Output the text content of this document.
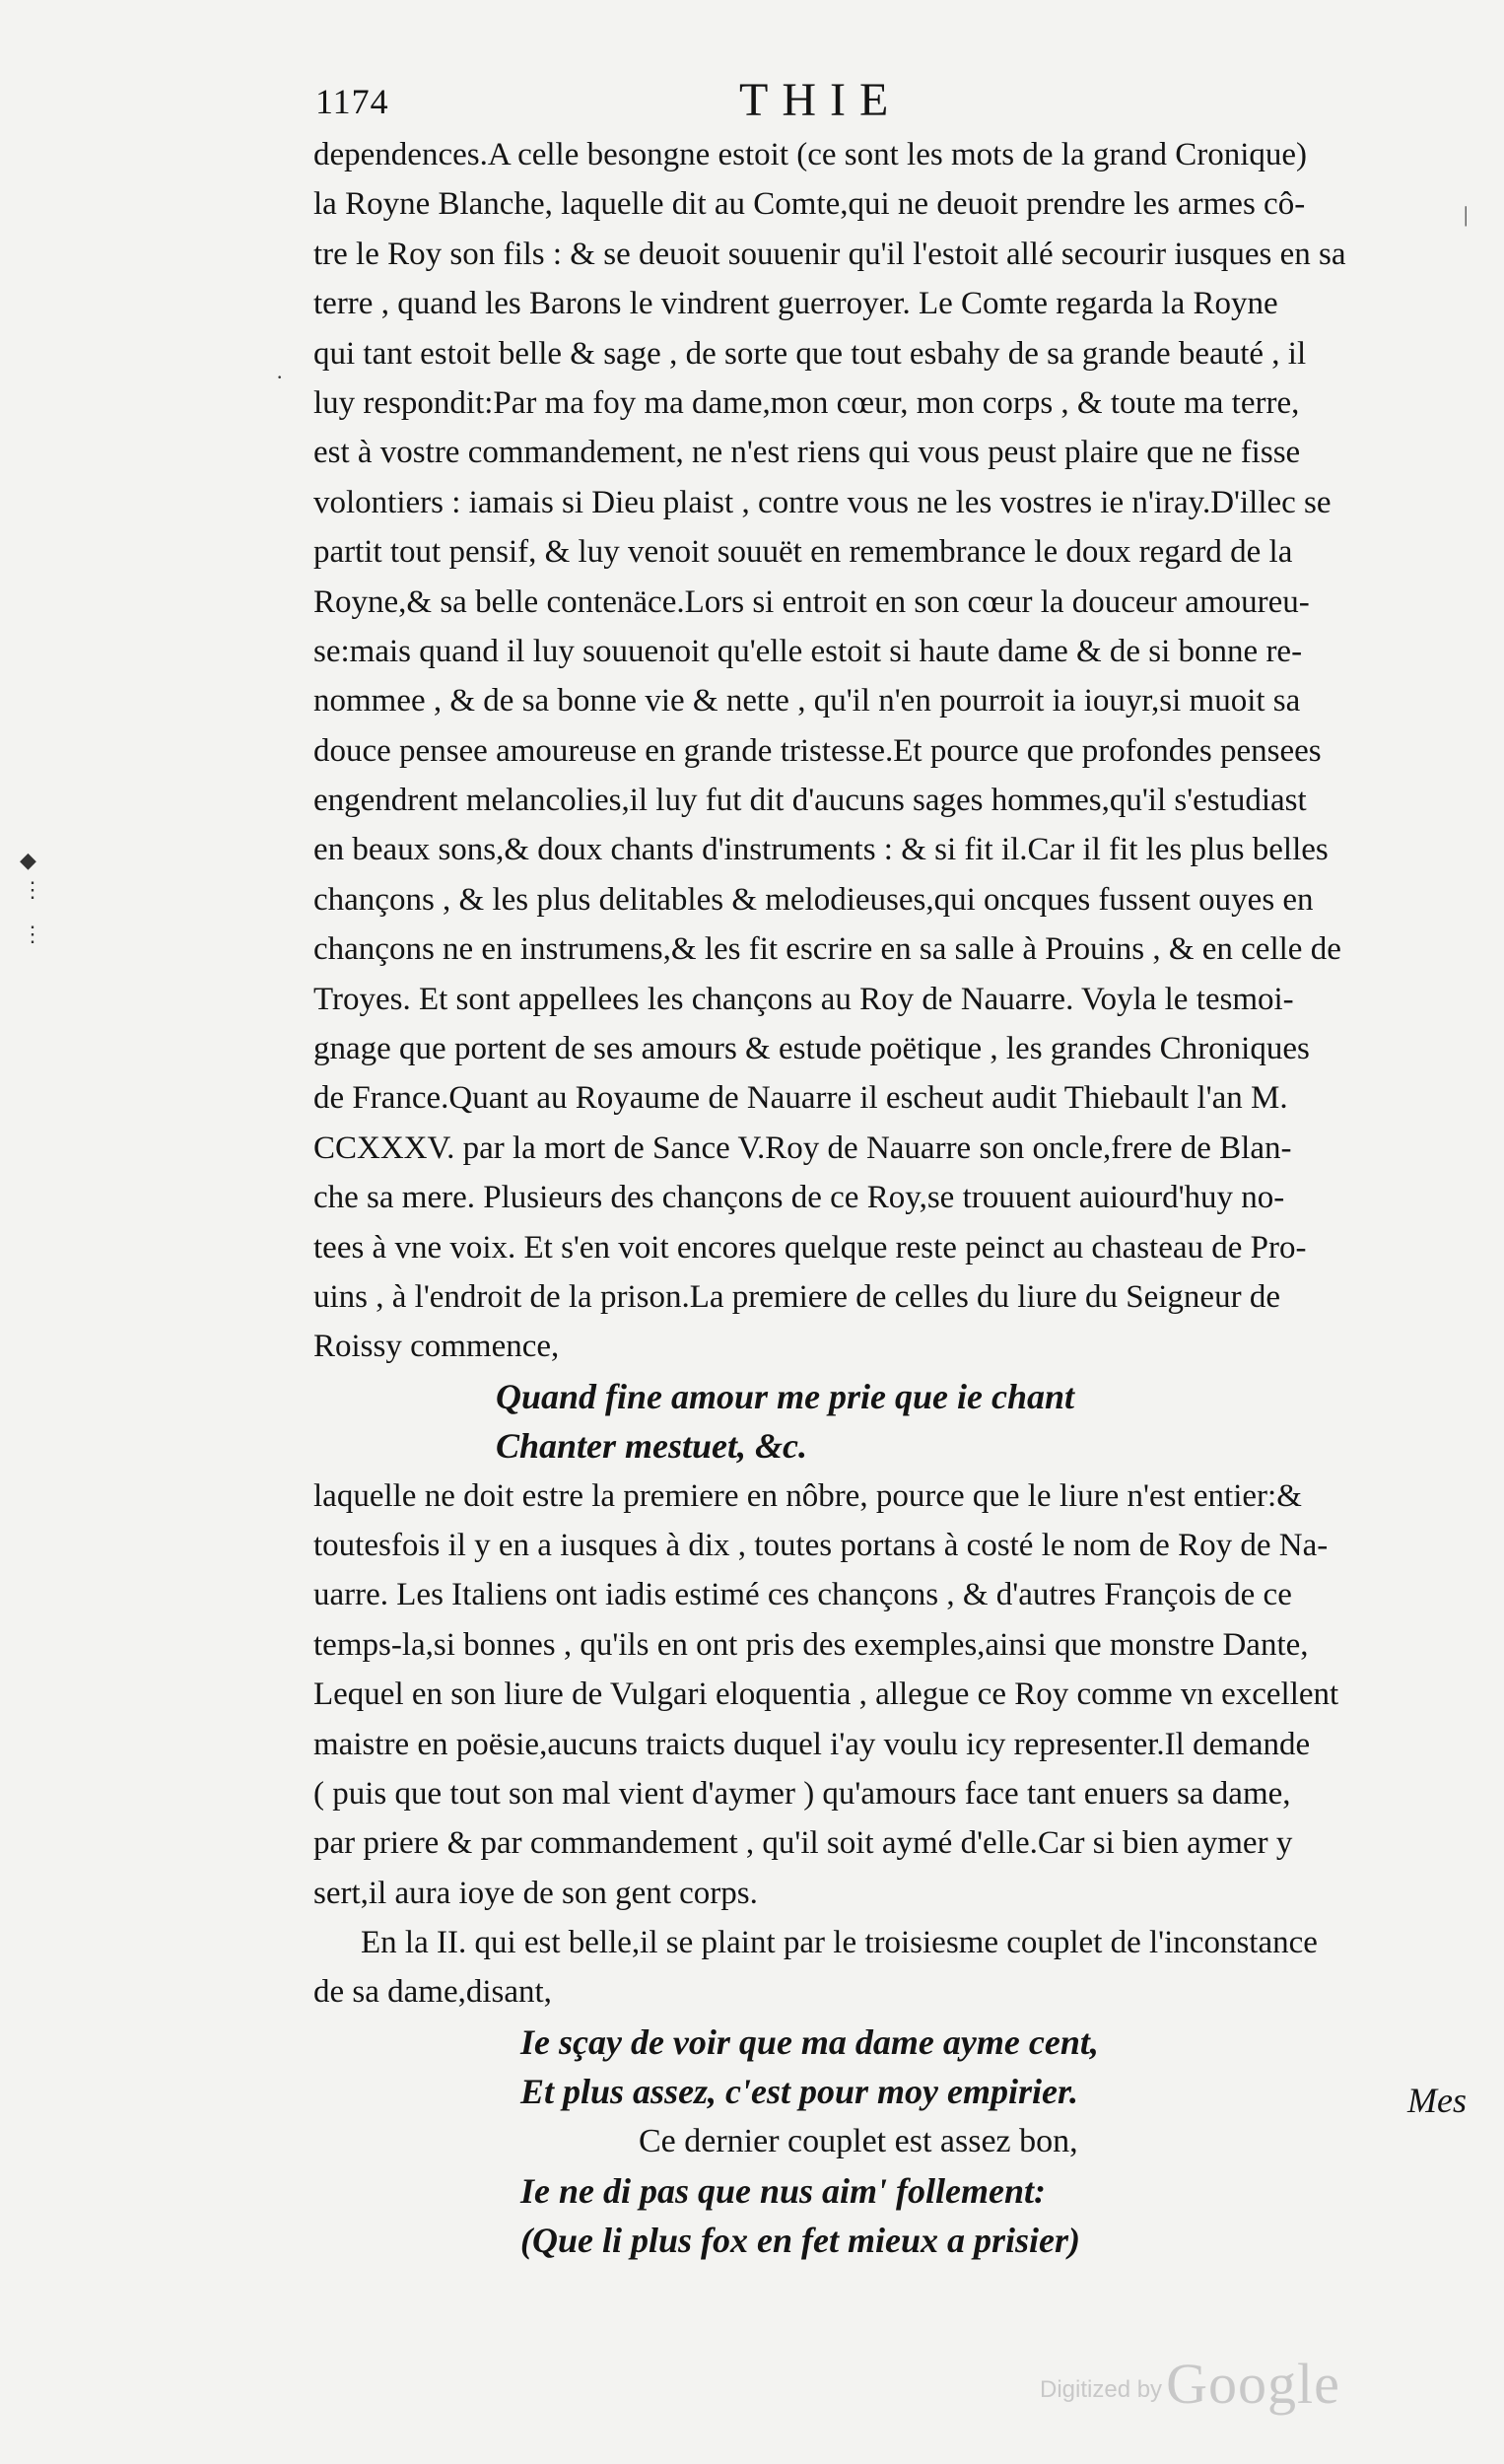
1174	THIE
dependences.A celle besongne estoit (ce sont les mots de la grand Cronique)
la Royne Blanche, laquelle dit au Comte,qui ne deuoit prendre les armes cô-
tre le Roy son fils : & se deuoit souuenir qu'il l'estoit allé secourir iusques en sa
terre , quand les Barons le vindrent guerroyer. Le Comte regarda la Royne
qui tant estoit belle & sage , de sorte que tout esbahy de sa grande beauté , il
luy respondit:Par ma foy ma dame,mon cœur, mon corps , & toute ma terre,
est à vostre commandement, ne n'est riens qui vous peust plaire que ne fisse
volontiers : iamais si Dieu plaist , contre vous ne les vostres ie n'iray.D'illec se
partit tout pensif, & luy venoit souuët en remembrance le doux regard de la
Royne,& sa belle contenäce.Lors si entroit en son cœur la douceur amoureu-
se:mais quand il luy souuenoit qu'elle estoit si haute dame & de si bonne re-
nommee , & de sa bonne vie & nette , qu'il n'en pourroit ia iouyr,si muoit sa
douce pensee amoureuse en grande tristesse.Et pource que profondes pensees
engendrent melancolies,il luy fut dit d'aucuns sages hommes,qu'il s'estudiast
en beaux sons,& doux chants d'instruments : & si fit il.Car il fit les plus belles
chançons , & les plus delitables & melodieuses,qui oncques fussent ouyes en
chançons ne en instrumens,& les fit escrire en sa salle à Prouins , & en celle de
Troyes. Et sont appellees les chançons au Roy de Nauarre. Voyla le tesmoi-
gnage que portent de ses amours & estude poëtique , les grandes Chroniques
de France.Quant au Royaume de Nauarre il escheut audit Thiebault l'an M.
CCXXXV. par la mort de Sance V.Roy de Nauarre son oncle,frere de Blan-
che sa mere. Plusieurs des chançons de ce Roy,se trouuent auiourd'huy no-
tees à vne voix. Et s'en voit encores quelque reste peinct au chasteau de Pro-
uins , à l'endroit de la prison.La premiere de celles du liure du Seigneur de
Roissy commence,
Quand fine amour me prie que ie chant
Chanter mestuet, &c.
laquelle ne doit estre la premiere en nôbre, pource que le liure n'est entier:&
toutesfois il y en a iusques à dix , toutes portans à costé le nom de Roy de Na-
uarre. Les Italiens ont iadis estimé ces chançons , & d'autres François de ce
temps-la,si bonnes , qu'ils en ont pris des exemples,ainsi que monstre Dante,
Lequel en son liure de Vulgari eloquentia , allegue ce Roy comme vn excellent
maistre en poësie,aucuns traicts duquel i'ay voulu icy representer.Il demande
( puis que tout son mal vient d'aymer ) qu'amours face tant enuers sa dame,
par priere & par commandement , qu'il soit aymé d'elle.Car si bien aymer y
sert,il aura ioye de son gent corps.
En la II. qui est belle,il se plaint par le troisiesme couplet de l'inconstance
de sa dame,disant,
Ie sçay de voir que ma dame ayme cent,
Et plus assez, c'est pour moy empirier.
Ce dernier couplet est assez bon,
Ie ne di pas que nus aim' follement:
(Que li plus fox en fet mieux a prisier)
Mes
|
·
◆
⋮
⋮
Digitized by Google
